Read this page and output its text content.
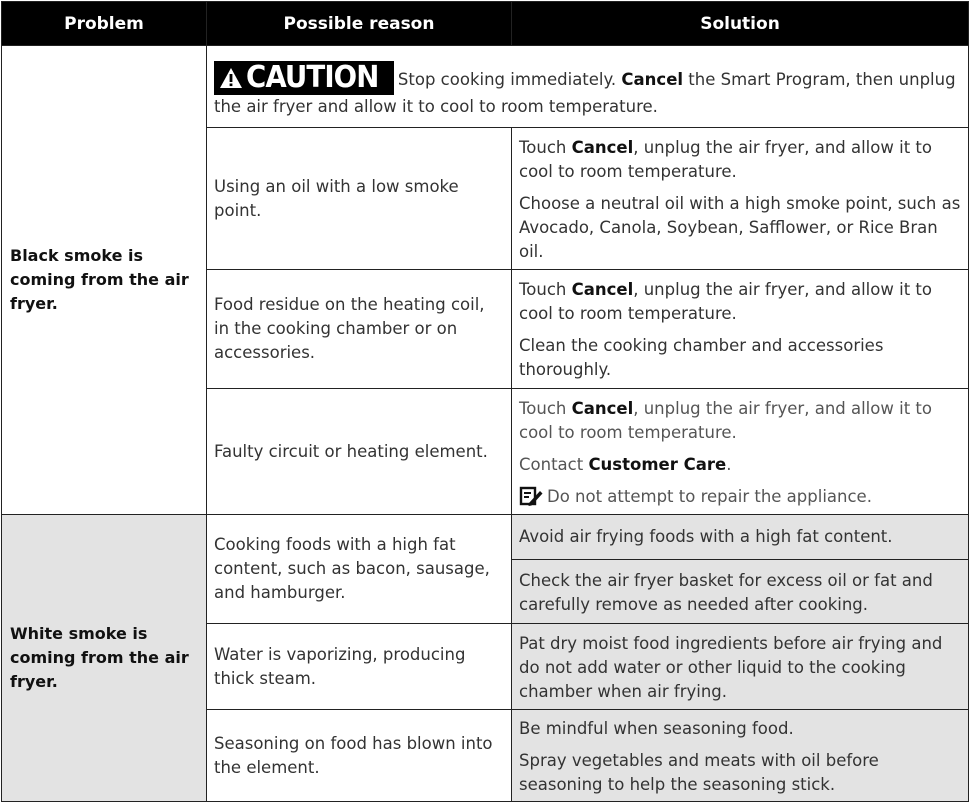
Problem	Possible reason	Solution
Black smoke is coming from the air fryer.	CAUTION Stop cooking immediately. Cancel the Smart Program, then unplug the air fryer and allow it to cool to room temperature.	
	Using an oil with a low smoke point.	Touch Cancel, unplug the air fryer, and allow it to cool to room temperature.

Choose a neutral oil with a high smoke point, such as Avocado, Canola, Soybean, Safflower, or Rice Bran oil.

	Food residue on the heating coil, in the cooking chamber or on accessories.	Touch Cancel, unplug the air fryer, and allow it to cool to room temperature.

Clean the cooking chamber and accessories thoroughly.

	Faulty circuit or heating element.	Touch Cancel, unplug the air fryer, and allow it to cool to room temperature.

Contact Customer Care.

Do not attempt to repair the appliance.

White smoke is coming from the air fryer.	Cooking foods with a high fat content, such as bacon, sausage, and hamburger.	Avoid air frying foods with a high fat content.
		Check the air fryer basket for excess oil or fat and carefully remove as needed after cooking.
	Water is vaporizing, producing thick steam.	Pat dry moist food ingredients before air frying and do not add water or other liquid to the cooking chamber when air frying.
	Seasoning on food has blown into the element.	Be mindful when seasoning food.

Spray vegetables and meats with oil before seasoning to help the seasoning stick.
